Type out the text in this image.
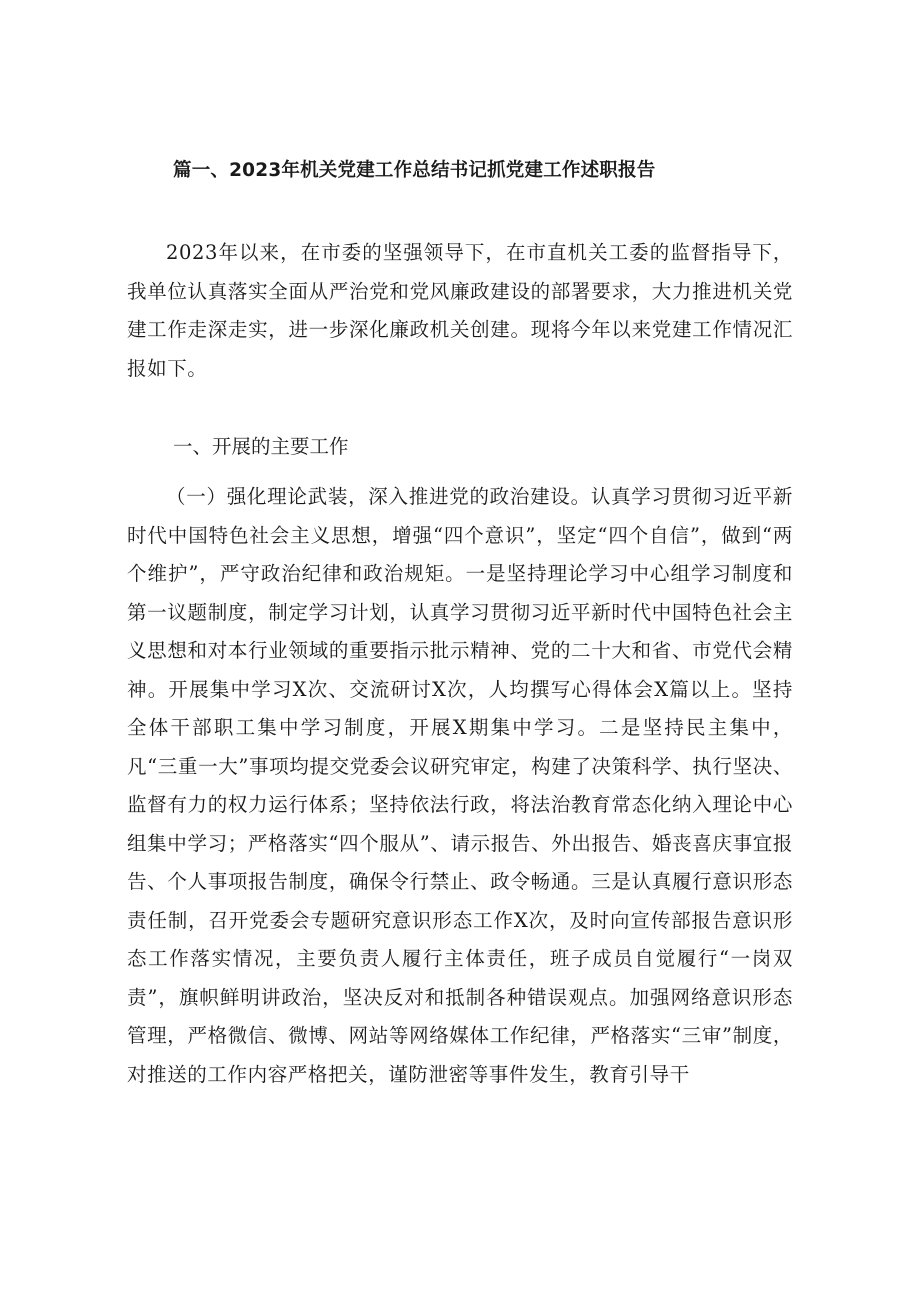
篇一、2023年机关党建工作总结书记抓党建工作述职报告

2023年以来，在市委的坚强领导下，在市直机关工委的监督指导下，我单位认真落实全面从严治党和党风廉政建设的部署要求，大力推进机关党建工作走深走实，进一步深化廉政机关创建。现将今年以来党建工作情况汇报如下。

一、开展的主要工作

（一）强化理论武装，深入推进党的政治建设。认真学习贯彻习近平新时代中国特色社会主义思想，增强“四个意识”，坚定“四个自信”，做到“两个维护”，严守政治纪律和政治规矩。一是坚持理论学习中心组学习制度和第一议题制度，制定学习计划，认真学习贯彻习近平新时代中国特色社会主义思想和对本行业领域的重要指示批示精神、党的二十大和省、市党代会精神。开展集中学习X次、交流研讨X次，人均撰写心得体会X篇以上。坚持全体干部职工集中学习制度，开展X期集中学习。二是坚持民主集中，凡“三重一大”事项均提交党委会议研究审定，构建了决策科学、执行坚决、监督有力的权力运行体系；坚持依法行政，将法治教育常态化纳入理论中心组集中学习；严格落实“四个服从”、请示报告、外出报告、婚丧喜庆事宜报告、个人事项报告制度，确保令行禁止、政令畅通。三是认真履行意识形态责任制，召开党委会专题研究意识形态工作X次，及时向宣传部报告意识形态工作落实情况，主要负责人履行主体责任，班子成员自觉履行“一岗双责”，旗帜鲜明讲政治，坚决反对和抵制各种错误观点。加强网络意识形态管理，严格微信、微博、网站等网络媒体工作纪律，严格落实“三审”制度，对推送的工作内容严格把关，谨防泄密等事件发生，教育引导干
